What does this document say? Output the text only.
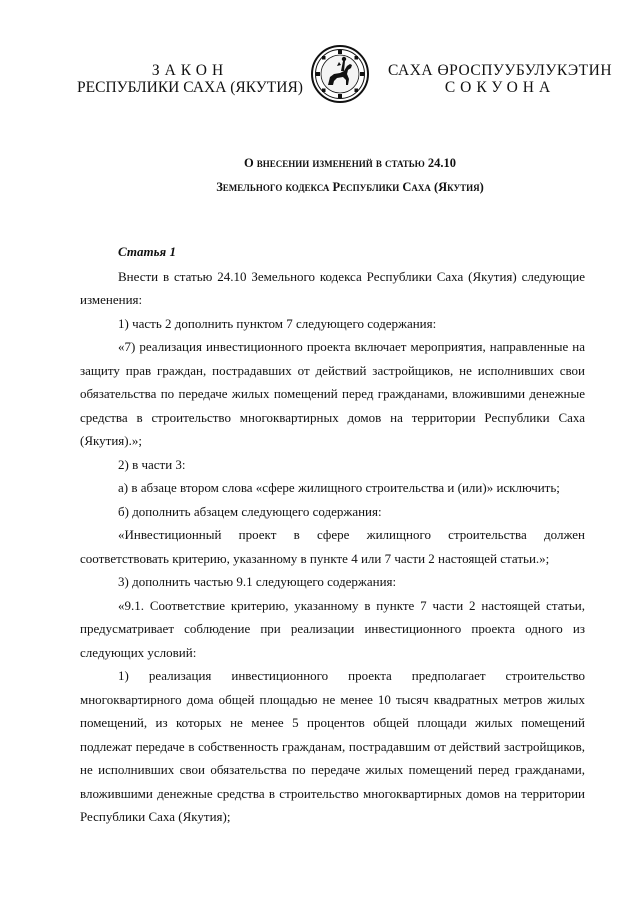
ЗАКОН
РЕСПУБЛИКИ САХА (ЯКУТИЯ)
САХА ӨРОСПУУБУЛУКЭТИН
СОКУОНА
О внесении изменений в статью 24.10
Земельного кодекса Республики Саха (Якутия)

Статья 1

Внести в статью 24.10 Земельного кодекса Республики Саха (Якутия) следующие изменения:

1) часть 2 дополнить пунктом 7 следующего содержания:

«7) реализация инвестиционного проекта включает мероприятия, направленные на защиту прав граждан, пострадавших от действий застройщиков, не исполнивших свои обязательства по передаче жилых помещений перед гражданами, вложившими денежные средства в строительство многоквартирных домов на территории Республики Саха (Якутия).»;

2) в части 3:

а) в абзаце втором слова «сфере жилищного строительства и (или)» исключить;

б) дополнить абзацем следующего содержания:

«Инвестиционный проект в сфере жилищного строительства должен соответствовать критерию, указанному в пункте 4 или 7 части 2 настоящей статьи.»;

3) дополнить частью 9.1 следующего содержания:

«9.1. Соответствие критерию, указанному в пункте 7 части 2 настоящей статьи, предусматривает соблюдение при реализации инвестиционного проекта одного из следующих условий:

1) реализация инвестиционного проекта предполагает строительство многоквартирного дома общей площадью не менее 10 тысяч квадратных метров жилых помещений, из которых не менее 5 процентов общей площади жилых помещений подлежат передаче в собственность гражданам, пострадавшим от действий застройщиков, не исполнивших свои обязательства по передаче жилых помещений перед гражданами, вложившими денежные средства в строительство многоквартирных домов на территории Республики Саха (Якутия);
